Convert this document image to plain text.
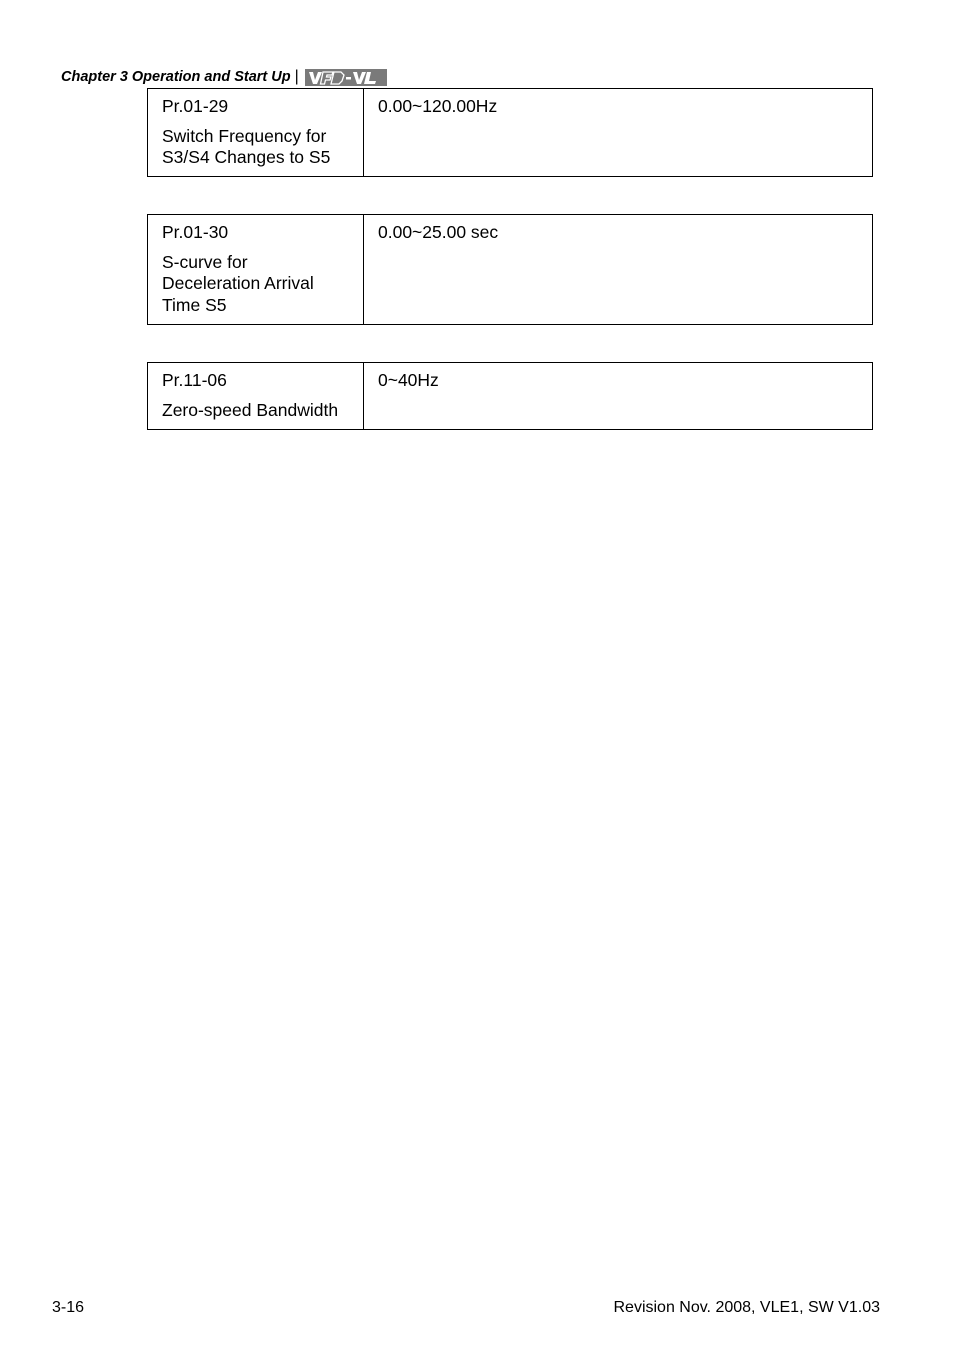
Chapter 3 Operation and Start Up |
Pr.01-29
Switch Frequency for S3/S4 Changes to S5
0.00~120.00Hz
Pr.01-30
S-curve for Deceleration Arrival Time S5
0.00~25.00 sec
Pr.11-06
Zero-speed Bandwidth
0~40Hz
3-16	Revision Nov. 2008, VLE1, SW V1.03
